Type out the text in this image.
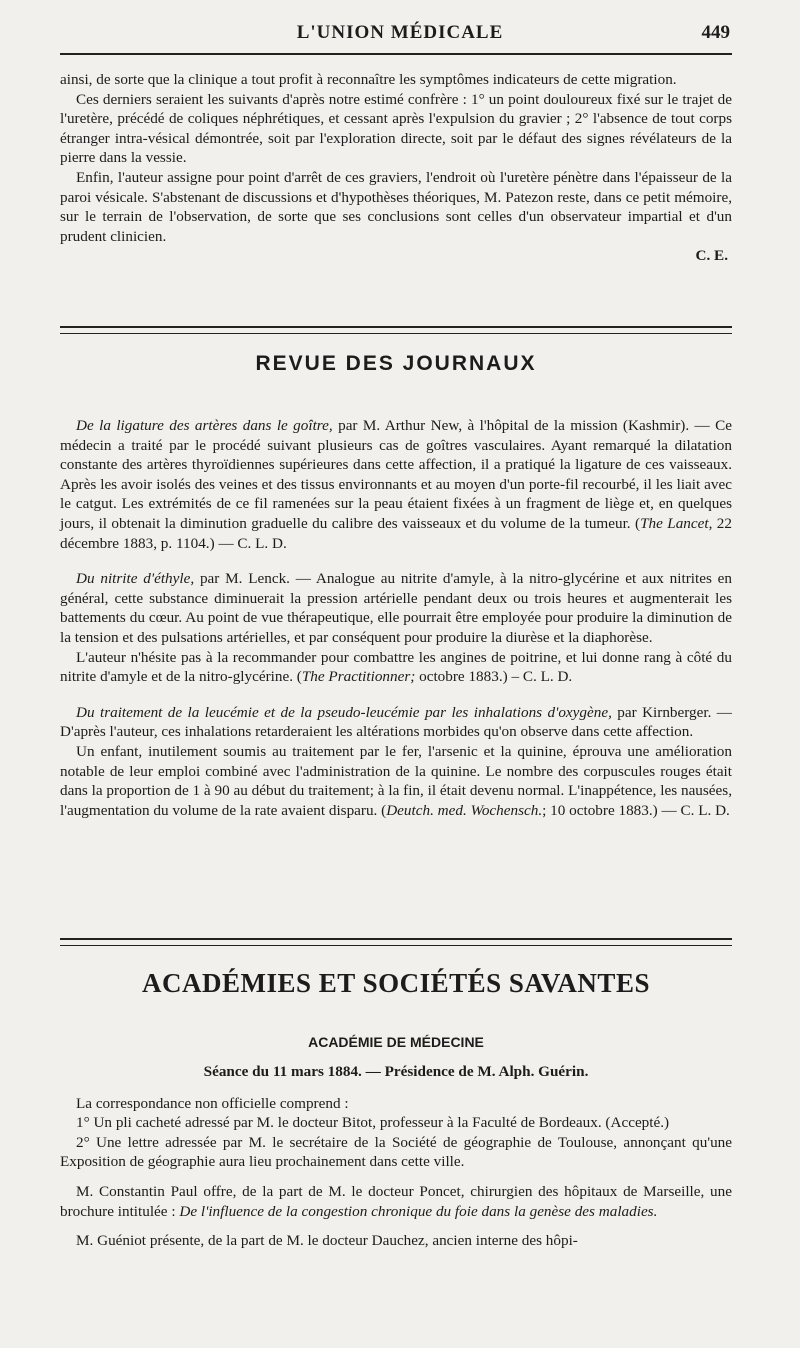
L'UNION MÉDICALE	449

ainsi, de sorte que la clinique a tout profit à reconnaître les symptômes indicateurs de cette migration.

Ces derniers seraient les suivants d'après notre estimé confrère : 1° un point douloureux fixé sur le trajet de l'uretère, précédé de coliques néphrétiques, et cessant après l'expulsion du gravier ; 2° l'absence de tout corps étranger intra-vésical démontrée, soit par l'exploration directe, soit par le défaut des signes révélateurs de la pierre dans la vessie.

Enfin, l'auteur assigne pour point d'arrêt de ces graviers, l'endroit où l'uretère pénètre dans l'épaisseur de la paroi vésicale. S'abstenant de discussions et d'hypothèses théoriques, M. Patezon reste, dans ce petit mémoire, sur le terrain de l'observation, de sorte que ses conclusions sont celles d'un observateur impartial et d'un prudent clinicien.

C. E.

REVUE DES JOURNAUX

De la ligature des artères dans le goître, par M. Arthur New, à l'hôpital de la mission (Kashmir). — Ce médecin a traité par le procédé suivant plusieurs cas de goîtres vasculaires. Ayant remarqué la dilatation constante des artères thyroïdiennes supérieures dans cette affection, il a pratiqué la ligature de ces vaisseaux. Après les avoir isolés des veines et des tissus environnants et au moyen d'un porte-fil recourbé, il les liait avec le catgut. Les extrémités de ce fil ramenées sur la peau étaient fixées à un fragment de liège et, en quelques jours, il obtenait la diminution graduelle du calibre des vaisseaux et du volume de la tumeur. (The Lancet, 22 décembre 1883, p. 1104.) — C. L. D.

Du nitrite d'éthyle, par M. Lenck. — Analogue au nitrite d'amyle, à la nitro-glycérine et aux nitrites en général, cette substance diminuerait la pression artérielle pendant deux ou trois heures et augmenterait les battements du cœur. Au point de vue thérapeutique, elle pourrait être employée pour produire la diminution de la tension et des pulsations artérielles, et par conséquent pour produire la diurèse et la diaphorèse.

L'auteur n'hésite pas à la recommander pour combattre les angines de poitrine, et lui donne rang à côté du nitrite d'amyle et de la nitro-glycérine. (The Practitionner; octobre 1883.) – C. L. D.

Du traitement de la leucémie et de la pseudo-leucémie par les inhalations d'oxygène, par Kirnberger. — D'après l'auteur, ces inhalations retarderaient les altérations morbides qu'on observe dans cette affection.

Un enfant, inutilement soumis au traitement par le fer, l'arsenic et la quinine, éprouva une amélioration notable de leur emploi combiné avec l'administration de la quinine. Le nombre des corpuscules rouges était dans la proportion de 1 à 90 au début du traitement; à la fin, il était devenu normal. L'inappétence, les nausées, l'augmentation du volume de la rate avaient disparu. (Deutch. med. Wochensch.; 10 octobre 1883.) — C. L. D.

ACADÉMIES ET SOCIÉTÉS SAVANTES
ACADÉMIE DE MÉDECINE

Séance du 11 mars 1884. — Présidence de M. Alph. Guérin.

La correspondance non officielle comprend :

1° Un pli cacheté adressé par M. le docteur Bitot, professeur à la Faculté de Bordeaux. (Accepté.)

2° Une lettre adressée par M. le secrétaire de la Société de géographie de Toulouse, annonçant qu'une Exposition de géographie aura lieu prochainement dans cette ville.

M. Constantin Paul offre, de la part de M. le docteur Poncet, chirurgien des hôpitaux de Marseille, une brochure intitulée : De l'influence de la congestion chronique du foie dans la genèse des maladies.

M. Guéniot présente, de la part de M. le docteur Dauchez, ancien interne des hôpi-
